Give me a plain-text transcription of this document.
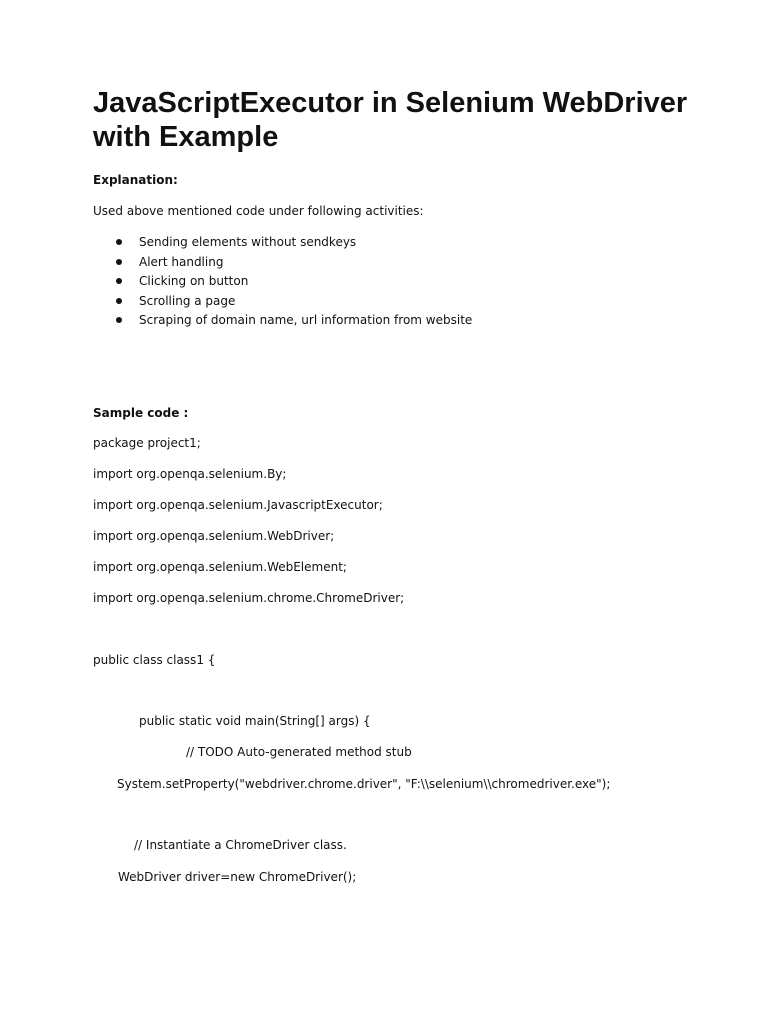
JavaScriptExecutor in Selenium WebDriver with Example

Explanation:

Used above mentioned code under following activities:

Sending elements without sendkeys

Alert handling

Clicking on button

Scrolling a page

Scraping of domain name, url information from website

Sample code :

package project1;

import org.openqa.selenium.By;

import org.openqa.selenium.JavascriptExecutor;

import org.openqa.selenium.WebDriver;

import org.openqa.selenium.WebElement;

import org.openqa.selenium.chrome.ChromeDriver;

public class class1 {

public static void main(String[] args) {

// TODO Auto-generated method stub

System.setProperty("webdriver.chrome.driver", "F:\\selenium\\chromedriver.exe");

// Instantiate a ChromeDriver class.

WebDriver driver=new ChromeDriver();
